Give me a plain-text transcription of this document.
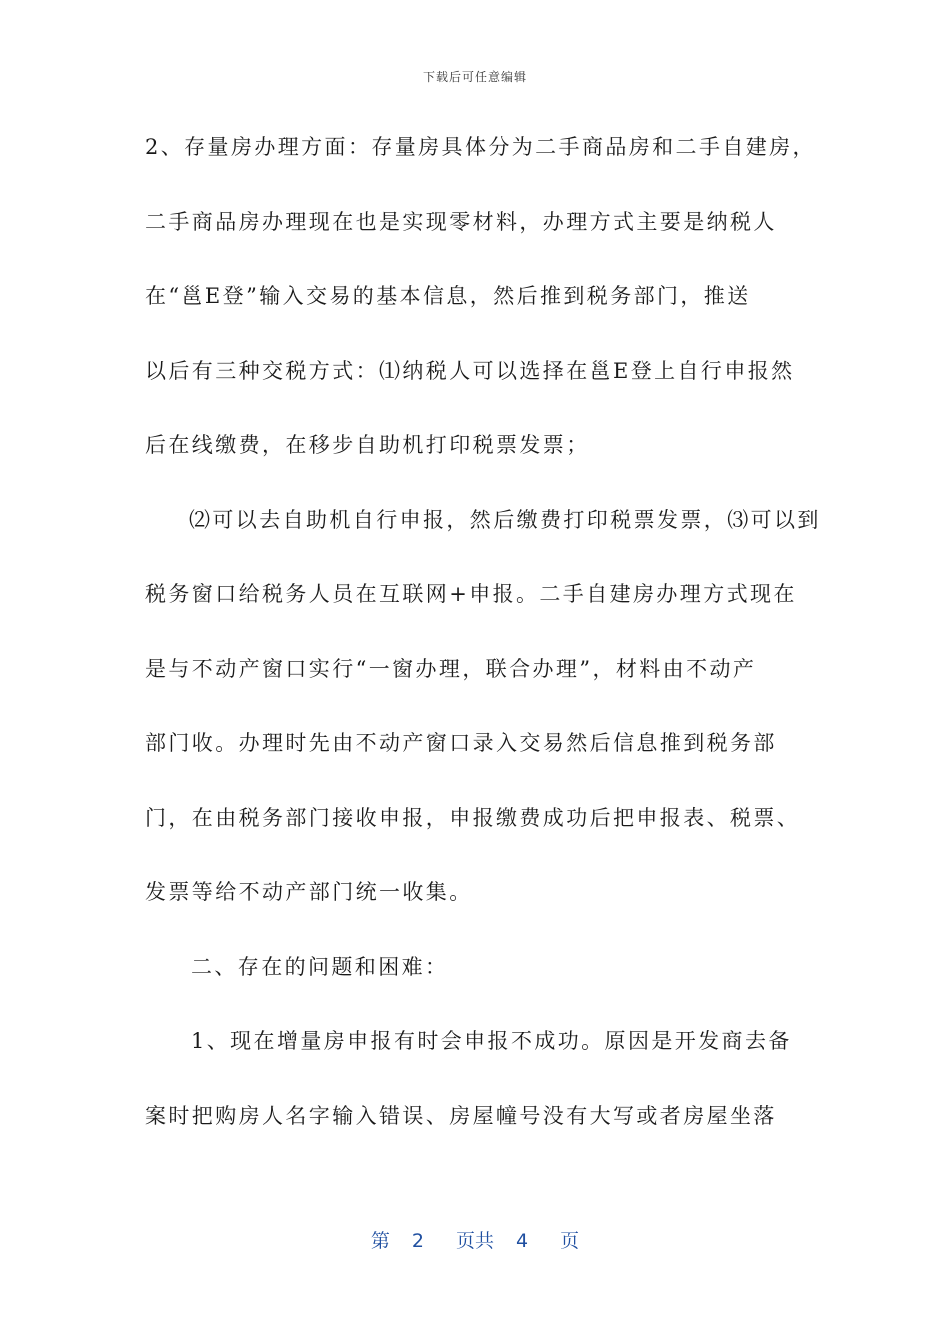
下载后可任意编辑
2、存量房办理方面：存量房具体分为二手商品房和二手自建房，
二手商品房办理现在也是实现零材料，办理方式主要是纳税人
在“邕E登”输入交易的基本信息，然后推到税务部门，推送
以后有三种交税方式：⑴纳税人可以选择在邕E登上自行申报然
后在线缴费，在移步自助机打印税票发票；
⑵可以去自助机自行申报，然后缴费打印税票发票，⑶可以到
税务窗口给税务人员在互联网+申报。二手自建房办理方式现在
是与不动产窗口实行“一窗办理，联合办理”，材料由不动产
部门收。办理时先由不动产窗口录入交易然后信息推到税务部
门，在由税务部门接收申报，申报缴费成功后把申报表、税票、
发票等给不动产部门统一收集。
二、存在的问题和困难：
1、现在增量房申报有时会申报不成功。原因是开发商去备
案时把购房人名字输入错误、房屋幢号没有大写或者房屋坐落
第 2 页共 4 页
